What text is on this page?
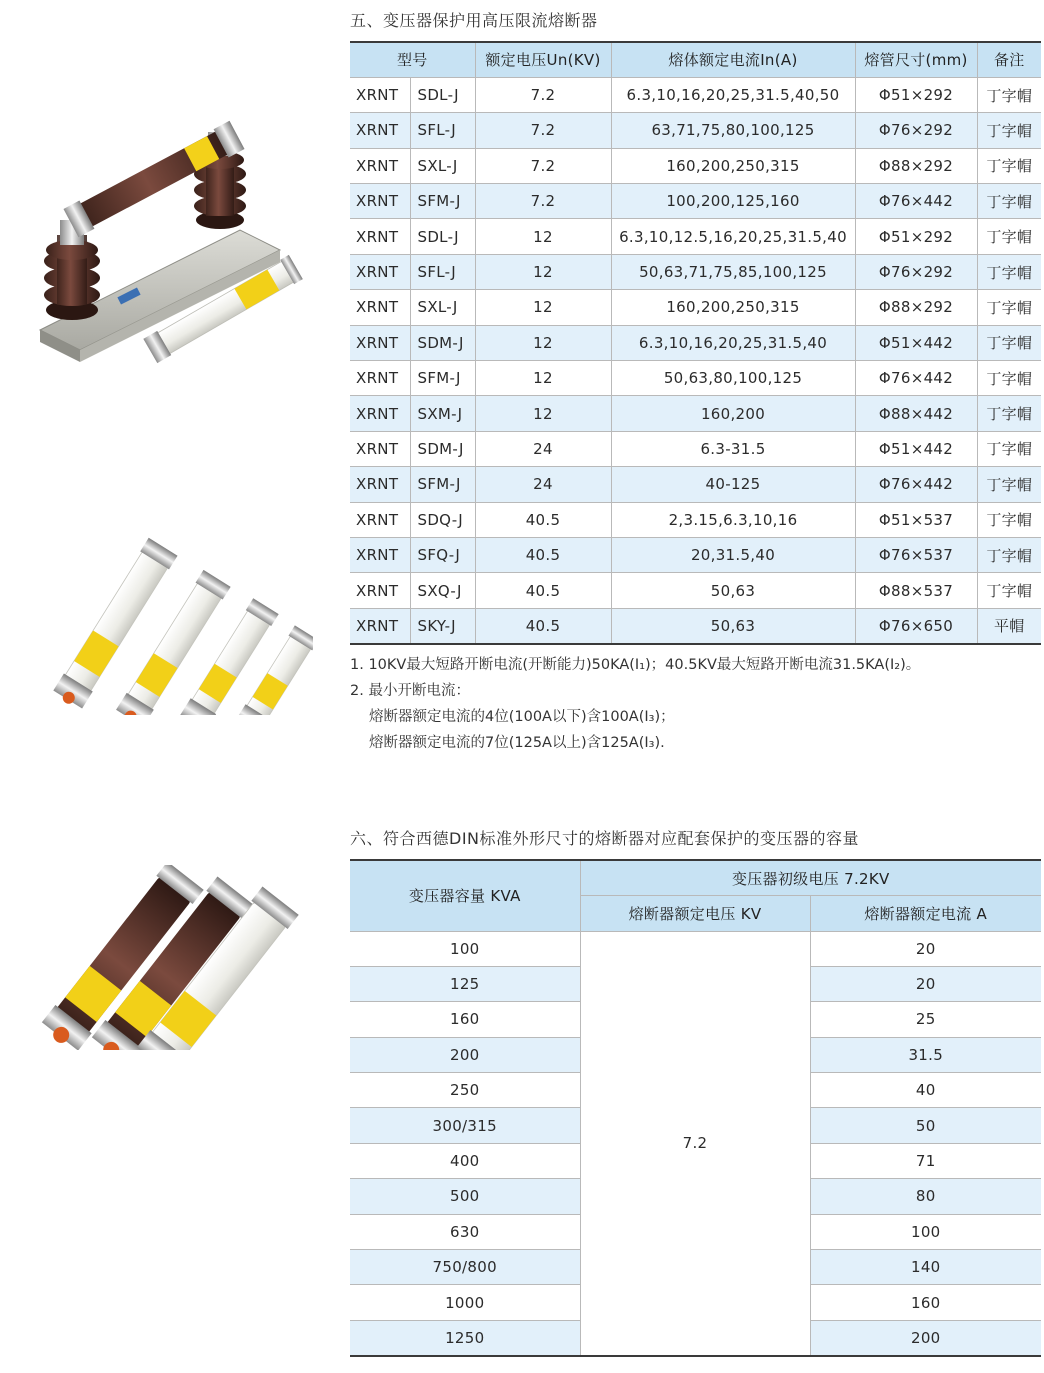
五、变压器保护用高压限流熔断器
型号		额定电压Un(KV)	熔体额定电流In(A)	熔管尺寸(mm)	备注
XRNT	SDL-J	7.2	6.3,10,16,20,25,31.5,40,50	Φ51×292	丁字帽
XRNT	SFL-J	7.2	63,71,75,80,100,125	Φ76×292	丁字帽
XRNT	SXL-J	7.2	160,200,250,315	Φ88×292	丁字帽
XRNT	SFM-J	7.2	100,200,125,160	Φ76×442	丁字帽
XRNT	SDL-J	12	6.3,10,12.5,16,20,25,31.5,40	Φ51×292	丁字帽
XRNT	SFL-J	12	50,63,71,75,85,100,125	Φ76×292	丁字帽
XRNT	SXL-J	12	160,200,250,315	Φ88×292	丁字帽
XRNT	SDM-J	12	6.3,10,16,20,25,31.5,40	Φ51×442	丁字帽
XRNT	SFM-J	12	50,63,80,100,125	Φ76×442	丁字帽
XRNT	SXM-J	12	160,200	Φ88×442	丁字帽
XRNT	SDM-J	24	6.3-31.5	Φ51×442	丁字帽
XRNT	SFM-J	24	40-125	Φ76×442	丁字帽
XRNT	SDQ-J	40.5	2,3.15,6.3,10,16	Φ51×537	丁字帽
XRNT	SFQ-J	40.5	20,31.5,40	Φ76×537	丁字帽
XRNT	SXQ-J	40.5	50,63	Φ88×537	丁字帽
XRNT	SKY-J	40.5	50,63	Φ76×650	平帽
1. 10KV最大短路开断电流(开断能力)50KA(I₁)；40.5KV最大短路开断电流31.5KA(I₂)。
2. 最小开断电流：
熔断器额定电流的4位(100A以下)含100A(I₃)；
熔断器额定电流的7位(125A以上)含125A(I₃).
六、符合西德DIN标准外形尺寸的熔断器对应配套保护的变压器的容量
变压器容量 KVA	变压器初级电压 7.2KV	
	熔断器额定电压 KV	熔断器额定电流 A
100	7.2	20
125		20
160		25
200		31.5
250		40
300/315		50
400		71
500		80
630		100
750/800		140
1000		160
1250		200
